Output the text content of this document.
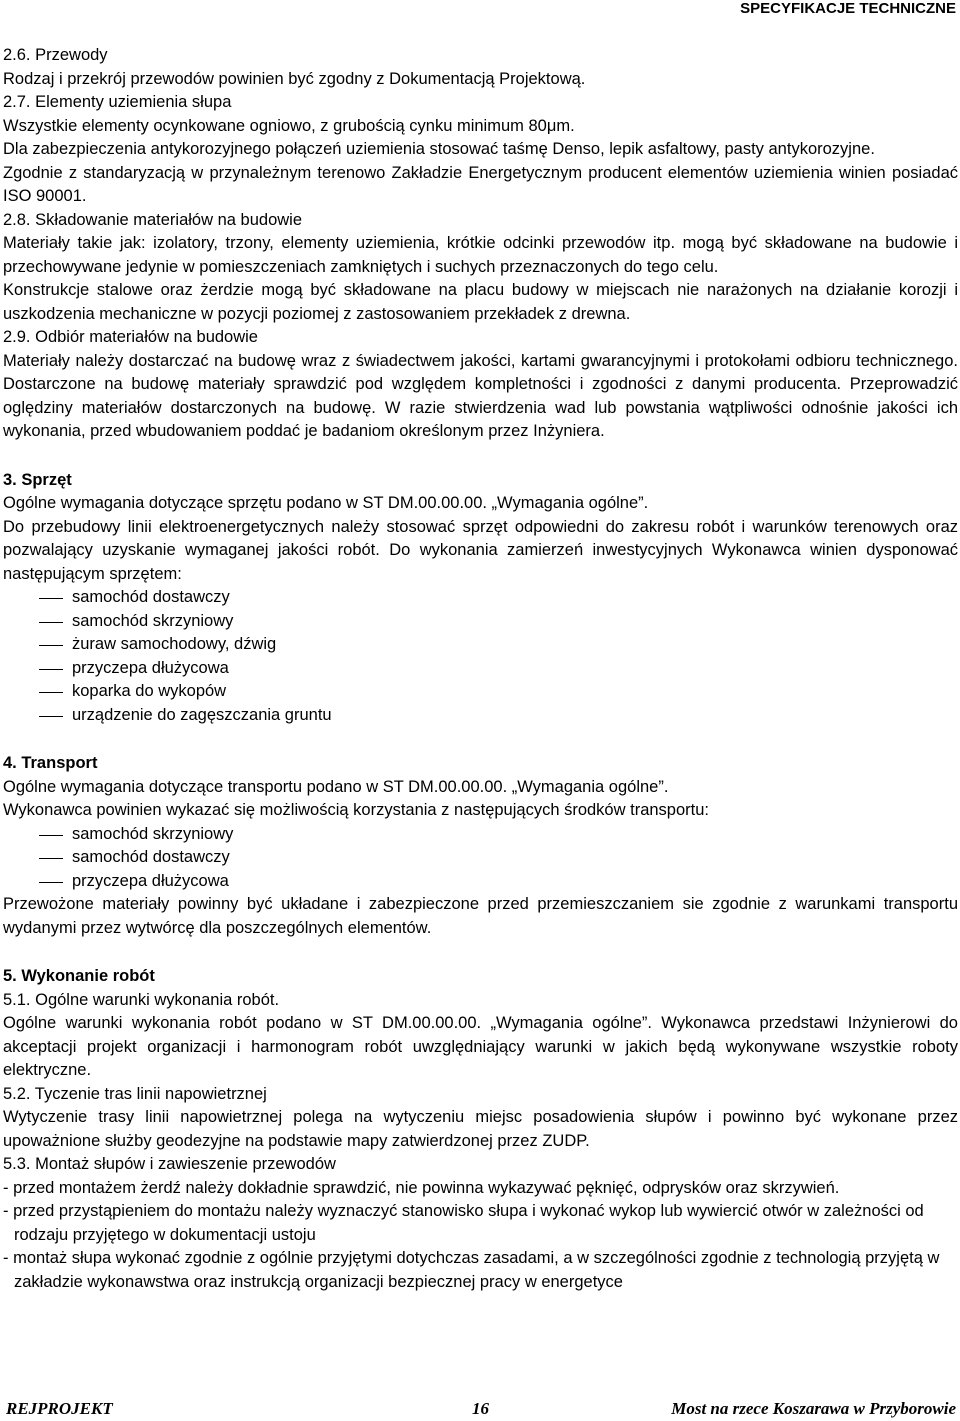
SPECYFIKACJE TECHNICZNE

2.6. Przewody

Rodzaj i przekrój przewodów powinien być zgodny z Dokumentacją Projektową.

2.7. Elementy uziemienia słupa

Wszystkie elementy ocynkowane ogniowo, z grubością cynku minimum 80μm.

Dla zabezpieczenia antykorozyjnego połączeń uziemienia stosować taśmę Denso, lepik asfaltowy, pasty antykorozyjne.

Zgodnie z standaryzacją w przynależnym terenowo Zakładzie Energetycznym producent elementów uziemienia winien posiadać ISO 90001.

2.8. Składowanie materiałów na budowie

Materiały takie jak: izolatory, trzony, elementy uziemienia, krótkie odcinki przewodów itp. mogą być składowane na budowie i przechowywane jedynie w pomieszczeniach zamkniętych i suchych przeznaczonych do tego celu.

Konstrukcje stalowe oraz żerdzie mogą być składowane na placu budowy w miejscach nie narażonych na działanie korozji i uszkodzenia mechaniczne w pozycji poziomej z zastosowaniem przekładek z drewna.

2.9. Odbiór materiałów na budowie

Materiały należy dostarczać na budowę wraz z świadectwem jakości, kartami gwarancyjnymi i protokołami odbioru technicznego. Dostarczone na budowę materiały sprawdzić pod względem kompletności i zgodności z danymi producenta. Przeprowadzić oględziny materiałów dostarczonych na budowę. W razie stwierdzenia wad lub powstania wątpliwości odnośnie jakości ich wykonania, przed wbudowaniem poddać je badaniom określonym przez Inżyniera.

3. Sprzęt

Ogólne wymagania dotyczące sprzętu podano w ST DM.00.00.00. „Wymagania ogólne”.

Do przebudowy linii elektroenergetycznych należy stosować sprzęt odpowiedni do zakresu robót i warunków terenowych oraz pozwalający uzyskanie wymaganej jakości robót. Do wykonania zamierzeń inwestycyjnych Wykonawca winien dysponować następującym sprzętem:

samochód dostawczy
samochód skrzyniowy
żuraw samochodowy, dźwig
przyczepa dłużycowa
koparka do wykopów
urządzenie do zagęszczania gruntu

4. Transport

Ogólne wymagania dotyczące transportu podano w ST DM.00.00.00. „Wymagania ogólne”.

Wykonawca powinien wykazać się możliwością korzystania z następujących środków transportu:

samochód skrzyniowy
samochód dostawczy
przyczepa dłużycowa

Przewożone materiały powinny być układane i zabezpieczone przed przemieszczaniem sie zgodnie z warunkami transportu wydanymi przez wytwórcę dla poszczególnych elementów.

5. Wykonanie robót

5.1. Ogólne warunki wykonania robót.

Ogólne warunki wykonania robót podano w ST DM.00.00.00. „Wymagania ogólne”. Wykonawca przedstawi Inżynierowi do akceptacji projekt organizacji i harmonogram robót uwzględniający warunki w jakich będą wykonywane wszystkie roboty elektryczne.

5.2. Tyczenie tras linii napowietrznej

Wytyczenie trasy linii napowietrznej polega na wytyczeniu miejsc posadowienia słupów i powinno być wykonane przez upoważnione służby geodezyjne na podstawie mapy zatwierdzonej przez ZUDP.

5.3. Montaż słupów i zawieszenie przewodów

- przed montażem żerdź należy dokładnie sprawdzić, nie powinna wykazywać pęknięć, odprysków oraz skrzywień.
- przed przystąpieniem do montażu należy wyznaczyć stanowisko słupa i wykonać wykop lub wywiercić otwór w zależności od rodzaju przyjętego w dokumentacji ustoju
- montaż słupa wykonać zgodnie z ogólnie przyjętymi dotychczas zasadami, a w szczególności zgodnie z technologią przyjętą w zakładzie wykonawstwa oraz instrukcją organizacji bezpiecznej pracy w energetyce
REJPROJEKT	16	Most na rzece Koszarawa w Przyborowie
